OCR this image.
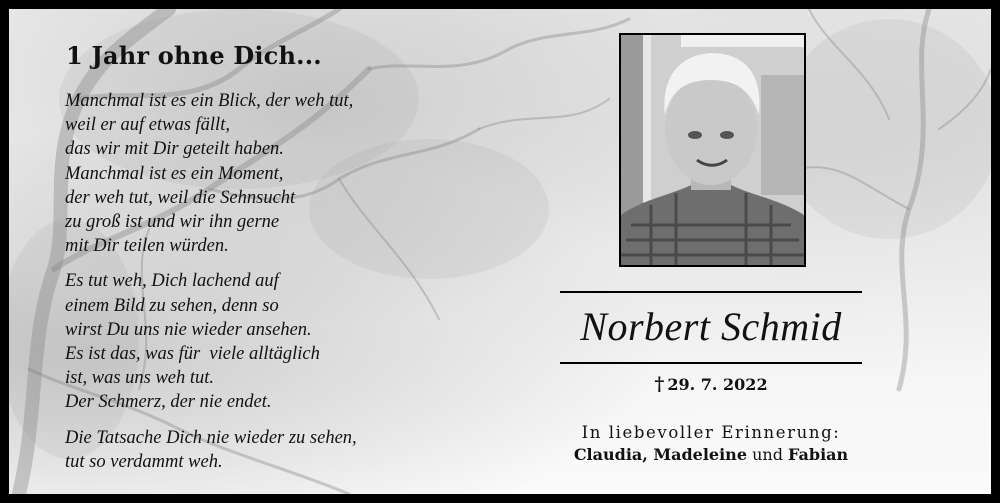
1 Jahr ohne Dich...

Manchmal ist es ein Blick, der weh tut,
weil er auf etwas fällt,
das wir mit Dir geteilt haben.
Manchmal ist es ein Moment,
der weh tut, weil die Sehnsucht
zu groß ist und wir ihn gerne
mit Dir teilen würden.

Es tut weh, Dich lachend auf
einem Bild zu sehen, denn so
wirst Du uns nie wieder ansehen.
Es ist das, was für  viele alltäglich
ist, was uns weh tut.
Der Schmerz, der nie endet.

Die Tatsache Dich nie wieder zu sehen,
tut so verdammt weh.

Norbert Schmid
† 29. 7. 2022
In liebevoller Erinnerung:
Claudia, Madeleine und Fabian
